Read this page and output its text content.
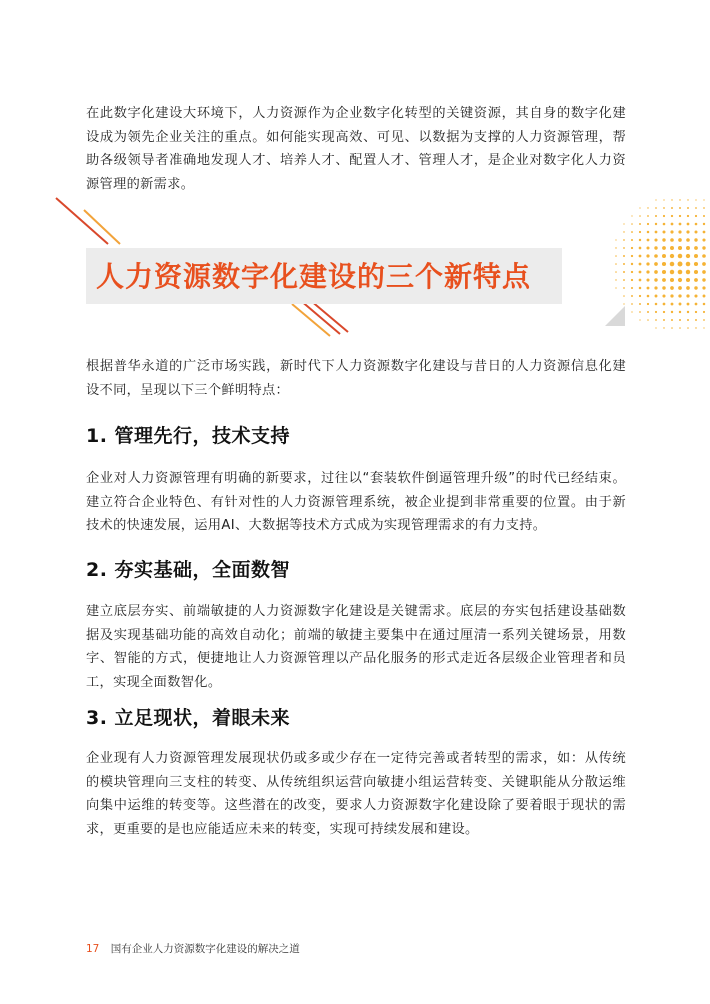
在此数字化建设大环境下，人力资源作为企业数字化转型的关键资源，其自身的数字化建设成为领先企业关注的重点。如何能实现高效、可见、以数据为支撑的人力资源管理，帮助各级领导者准确地发现人才、培养人才、配置人才、管理人才，是企业对数字化人力资源管理的新需求。

人力资源数字化建设的三个新特点

根据普华永道的广泛市场实践，新时代下人力资源数字化建设与昔日的人力资源信息化建设不同，呈现以下三个鲜明特点：

1. 管理先行，技术支持

企业对人力资源管理有明确的新要求，过往以“套装软件倒逼管理升级”的时代已经结束。建立符合企业特色、有针对性的人力资源管理系统，被企业提到非常重要的位置。由于新技术的快速发展，运用AI、大数据等技术方式成为实现管理需求的有力支持。

2. 夯实基础，全面数智

建立底层夯实、前端敏捷的人力资源数字化建设是关键需求。底层的夯实包括建设基础数据及实现基础功能的高效自动化；前端的敏捷主要集中在通过厘清一系列关键场景，用数字、智能的方式，便捷地让人力资源管理以产品化服务的形式走近各层级企业管理者和员工，实现全面数智化。

3. 立足现状，着眼未来

企业现有人力资源管理发展现状仍或多或少存在一定待完善或者转型的需求，如：从传统的模块管理向三支柱的转变、从传统组织运营向敏捷小组运营转变、关键职能从分散运维向集中运维的转变等。这些潜在的改变，要求人力资源数字化建设除了要着眼于现状的需求，更重要的是也应能适应未来的转变，实现可持续发展和建设。

17 国有企业人力资源数字化建设的解决之道
